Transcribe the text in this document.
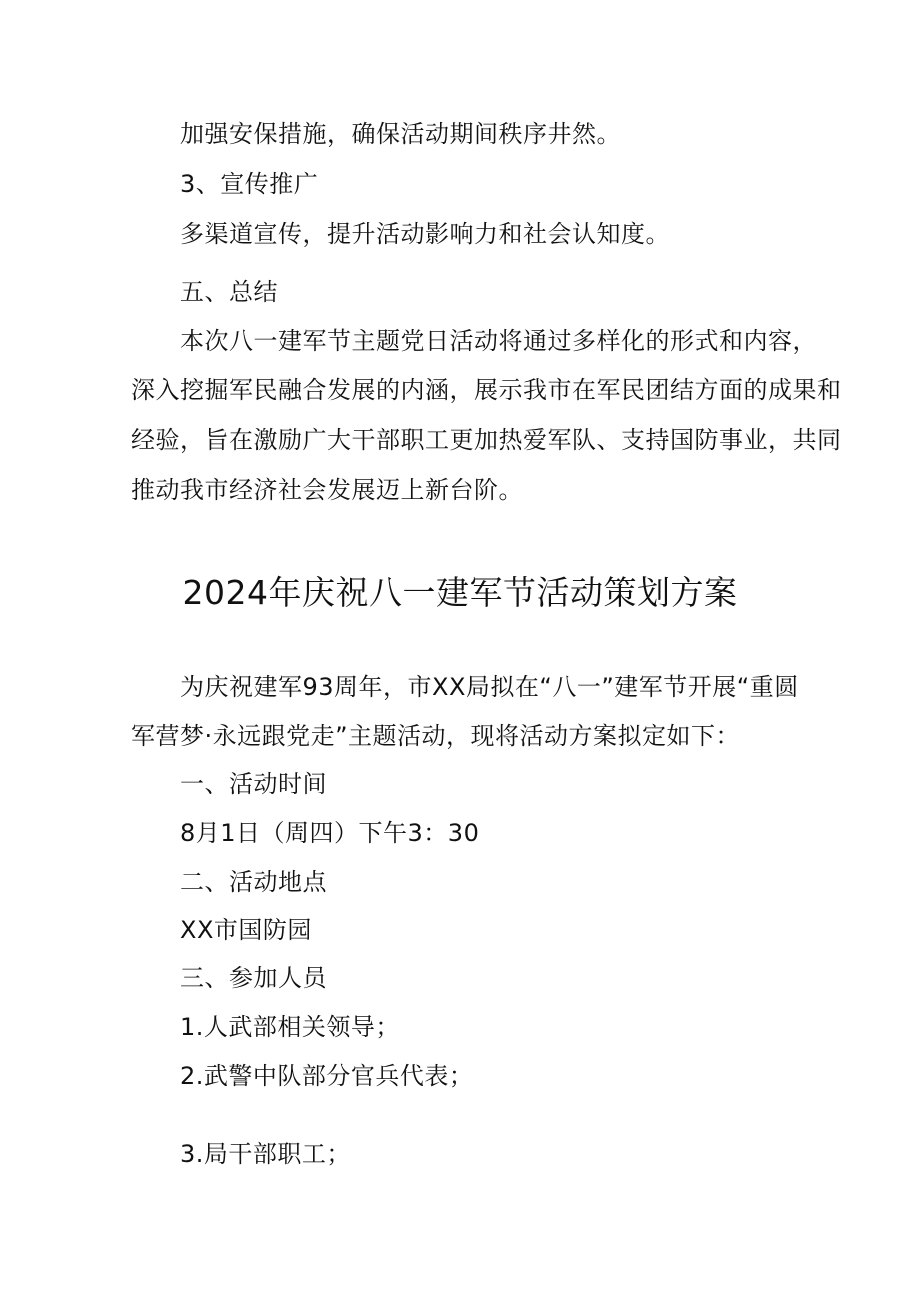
加强安保措施，确保活动期间秩序井然。
3、宣传推广
多渠道宣传，提升活动影响力和社会认知度。
五、总结
本次八一建军节主题党日活动将通过多样化的形式和内容，
深入挖掘军民融合发展的内涵，展示我市在军民团结方面的成果和
经验，旨在激励广大干部职工更加热爱军队、支持国防事业，共同
推动我市经济社会发展迈上新台阶。
2024年庆祝八一建军节活动策划方案
为庆祝建军93周年，市XX局拟在“八一”建军节开展“重圆
军营梦·永远跟党走”主题活动，现将活动方案拟定如下：
一、活动时间
8月1日（周四）下午3：30
二、活动地点
XX市国防园
三、参加人员
1.人武部相关领导；
2.武警中队部分官兵代表；
3.局干部职工；
